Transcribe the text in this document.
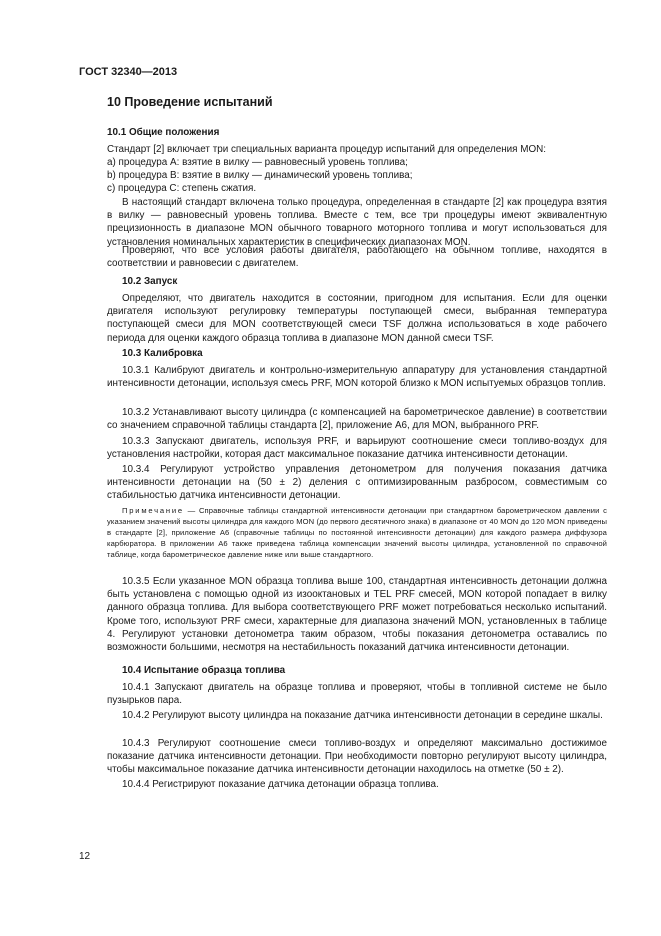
ГОСТ 32340—2013
10 Проведение испытаний
10.1 Общие положения
Стандарт [2] включает три специальных варианта процедур испытаний для определения MON:
а) процедура А: взятие в вилку — равновесный уровень топлива;
b) процедура В: взятие в вилку — динамический уровень топлива;
с) процедура С: степень сжатия.
В настоящий стандарт включена только процедура, определенная в стандарте [2] как процедура взятия в вилку — равновесный уровень топлива. Вместе с тем, все три процедуры имеют эквивалентную прецизионность в диапазоне MON обычного товарного моторного топлива и могут использоваться для установления номинальных характеристик в специфических диапазонах MON.
Проверяют, что все условия работы двигателя, работающего на обычном топливе, находятся в соответствии и равновесии с двигателем.
10.2 Запуск
Определяют, что двигатель находится в состоянии, пригодном для испытания. Если для оценки двигателя используют регулировку температуры поступающей смеси, выбранная температура поступающей смеси для MON соответствующей смеси TSF должна использоваться в ходе рабочего периода для оценки каждого образца топлива в диапазоне MON данной смеси TSF.
10.3 Калибровка
10.3.1 Калибруют двигатель и контрольно-измерительную аппаратуру для установления стандартной интенсивности детонации, используя смесь PRF, MON которой близко к MON испытуемых образцов топлив.
10.3.2 Устанавливают высоту цилиндра (с компенсацией на барометрическое давление) в соответствии со значением справочной таблицы стандарта [2], приложение А6, для MON, выбранного PRF.
10.3.3 Запускают двигатель, используя PRF, и варьируют соотношение смеси топливо-воздух для установления настройки, которая даст максимальное показание датчика интенсивности детонации.
10.3.4 Регулируют устройство управления детонометром для получения показания датчика интенсивности детонации на (50 ± 2) деления с оптимизированным разбросом, совместимым со стабильностью датчика интенсивности детонации.
Примечание — Справочные таблицы стандартной интенсивности детонации при стандартном барометрическом давлении с указанием значений высоты цилиндра для каждого MON (до первого десятичного знака) в диапазоне от 40 MON до 120 MON приведены в стандарте [2], приложение А6 (справочные таблицы по постоянной интенсивности детонации) для каждого размера диффузора карбюратора. В приложении А6 также приведена таблица компенсации значений высоты цилиндра, установленной по справочной таблице, когда барометрическое давление ниже или выше стандартного.
10.3.5 Если указанное MON образца топлива выше 100, стандартная интенсивность детонации должна быть установлена с помощью одной из изооктановых и TEL PRF смесей, MON которой попадает в вилку данного образца топлива. Для выбора соответствующего PRF может потребоваться несколько испытаний. Кроме того, используют PRF смеси, характерные для диапазона значений MON, установленных в таблице 4. Регулируют установки детонометра таким образом, чтобы показания детонометра оставались по возможности большими, несмотря на нестабильность показаний датчика интенсивности детонации.
10.4 Испытание образца топлива
10.4.1 Запускают двигатель на образце топлива и проверяют, чтобы в топливной системе не было пузырьков пара.
10.4.2 Регулируют высоту цилиндра на показание датчика интенсивности детонации в середине шкалы.
10.4.3 Регулируют соотношение смеси топливо-воздух и определяют максимально достижимое показание датчика интенсивности детонации. При необходимости повторно регулируют высоту цилиндра, чтобы максимальное показание датчика интенсивности детонации находилось на отметке (50 ± 2).
10.4.4 Регистрируют показание датчика детонации образца топлива.
12
